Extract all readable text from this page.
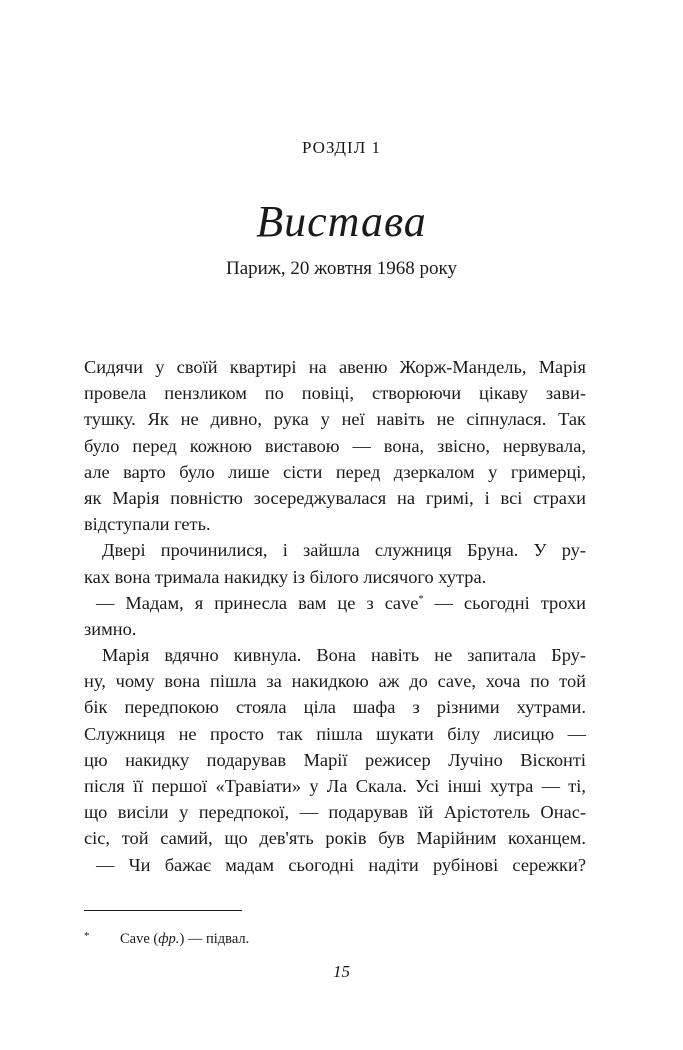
РОЗДІЛ 1
Вистава
Париж, 20 жовтня 1968 року
Сидячи у своїй квартирі на авеню Жорж-Мандель, Марія
провела пензликом по повіці, створюючи цікаву зави-
тушку. Як не дивно, рука у неї навіть не сіпнулася. Так
було перед кожною виставою — вона, звісно, нервувала,
але варто було лише сісти перед дзеркалом у гримерці,
як Марія повністю зосереджувалася на гримі, і всі страхи
відступали геть.
Двері прочинилися, і зайшла служниця Бруна. У ру-
ках вона тримала накидку із білого лисячого хутра.
— Мадам, я принесла вам це з cave* — сьогодні трохи
зимно.
Марія вдячно кивнула. Вона навіть не запитала Бру-
ну, чому вона пішла за накидкою аж до cave, хоча по той
бік передпокою стояла ціла шафа з різними хутрами.
Служниця не просто так пішла шукати білу лисицю —
цю накидку подарував Марії режисер Лучіно Вісконті
після її першої «Травіати» у Ла Скала. Усі інші хутра — ті,
що висіли у передпокої, — подарував їй Арістотель Онас-
сіс, той самий, що дев'ять років був Марійним коханцем.
— Чи бажає мадам сьогодні надіти рубінові сережки?
* Cave (фр.) — підвал.
15
